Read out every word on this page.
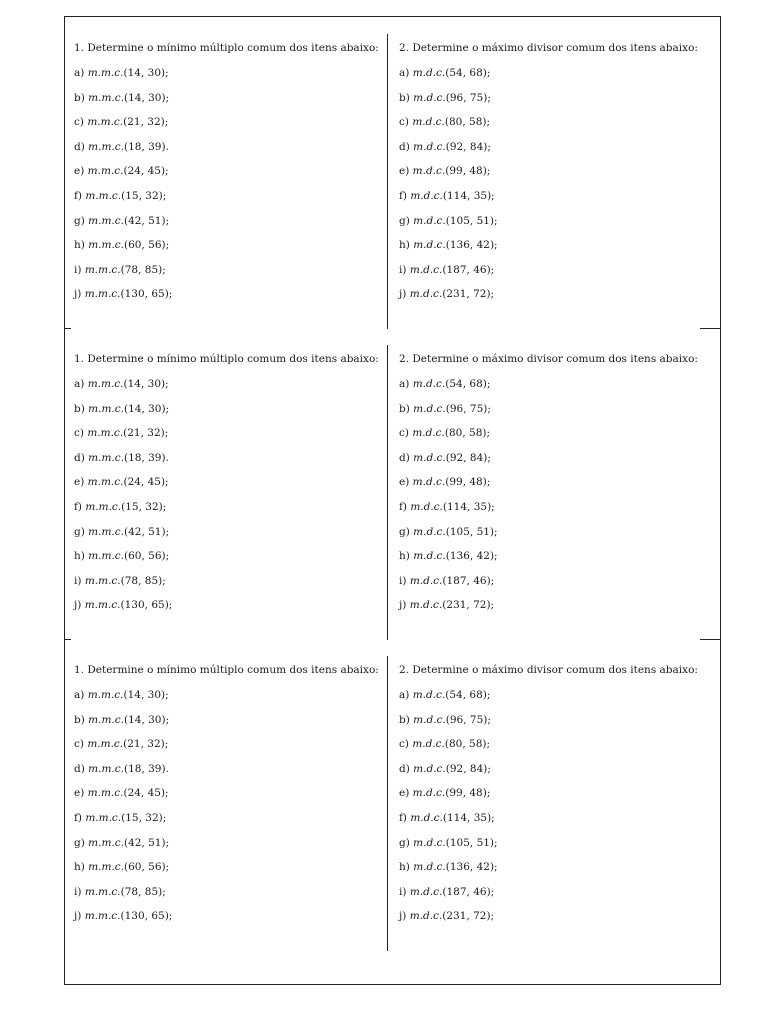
1. Determine o mínimo múltiplo comum dos itens abaixo:
a) m.m.c.(14, 30);
b) m.m.c.(14, 30);
c) m.m.c.(21, 32);
d) m.m.c.(18, 39).
e) m.m.c.(24, 45);
f) m.m.c.(15, 32);
g) m.m.c.(42, 51);
h) m.m.c.(60, 56);
i) m.m.c.(78, 85);
j) m.m.c.(130, 65);
2. Determine o máximo divisor comum dos itens abaixo:
a) m.d.c.(54, 68);
b) m.d.c.(96, 75);
c) m.d.c.(80, 58);
d) m.d.c.(92, 84);
e) m.d.c.(99, 48);
f) m.d.c.(114, 35);
g) m.d.c.(105, 51);
h) m.d.c.(136, 42);
i) m.d.c.(187, 46);
j) m.d.c.(231, 72);
1. Determine o mínimo múltiplo comum dos itens abaixo:
a) m.m.c.(14, 30);
b) m.m.c.(14, 30);
c) m.m.c.(21, 32);
d) m.m.c.(18, 39).
e) m.m.c.(24, 45);
f) m.m.c.(15, 32);
g) m.m.c.(42, 51);
h) m.m.c.(60, 56);
i) m.m.c.(78, 85);
j) m.m.c.(130, 65);
2. Determine o máximo divisor comum dos itens abaixo:
a) m.d.c.(54, 68);
b) m.d.c.(96, 75);
c) m.d.c.(80, 58);
d) m.d.c.(92, 84);
e) m.d.c.(99, 48);
f) m.d.c.(114, 35);
g) m.d.c.(105, 51);
h) m.d.c.(136, 42);
i) m.d.c.(187, 46);
j) m.d.c.(231, 72);
1. Determine o mínimo múltiplo comum dos itens abaixo:
a) m.m.c.(14, 30);
b) m.m.c.(14, 30);
c) m.m.c.(21, 32);
d) m.m.c.(18, 39).
e) m.m.c.(24, 45);
f) m.m.c.(15, 32);
g) m.m.c.(42, 51);
h) m.m.c.(60, 56);
i) m.m.c.(78, 85);
j) m.m.c.(130, 65);
2. Determine o máximo divisor comum dos itens abaixo:
a) m.d.c.(54, 68);
b) m.d.c.(96, 75);
c) m.d.c.(80, 58);
d) m.d.c.(92, 84);
e) m.d.c.(99, 48);
f) m.d.c.(114, 35);
g) m.d.c.(105, 51);
h) m.d.c.(136, 42);
i) m.d.c.(187, 46);
j) m.d.c.(231, 72);
